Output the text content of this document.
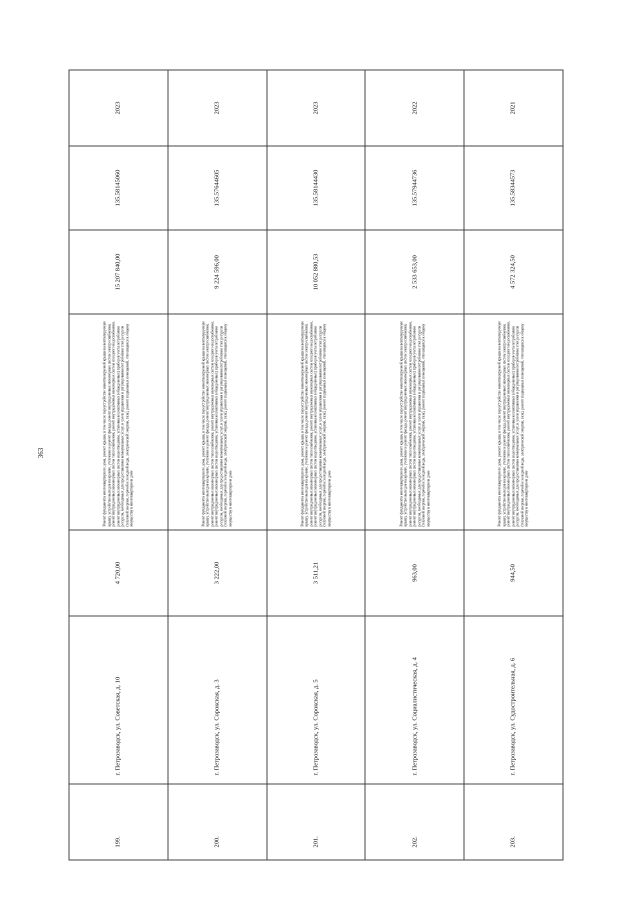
363
199.	г. Петрозаводск, ул. Советская, д. 10	4 720,00	Ремонт фундамента многоквартирного дома, ремонт крыши, в том числе переустройство невентилируемой крыши на вентилируемую крышу, устройство выходов на кровлю, утепление и ремонт фасада, ремонт внутридомовых инженерных систем электроснабжения, ремонт внутридомовых инженерных систем теплоснабжения, ремонт внутридомовых инженерных систем холодного водоснабжения, ремонт внутридомовых инженерных систем водоотведения, установка коллективных (общедомовых) приборов учета потребления ресурсов, необходимых для предоставления коммунальных услуг, и узлов управления и регулирования потребления этих ресурсов (тепловой энергии, горячей и холодной воды, электрической энергии, газа), ремонт подвальных помещений, относящихся к общему имуществу в многоквартирном доме	15 207 840,00	135.58145060	2023
200.	г. Петрозаводск, ул. Сорокская, д. 3	3 222,00	Ремонт фундамента многоквартирного дома, ремонт крыши, в том числе переустройство невентилируемой крыши на вентилируемую крышу, устройство выходов на кровлю, утепление и ремонт фасада, ремонт внутридомовых инженерных систем электроснабжения, ремонт внутридомовых инженерных систем теплоснабжения, ремонт внутридомовых инженерных систем холодного водоснабжения, ремонт внутридомовых инженерных систем водоотведения, установка коллективных (общедомовых) приборов учета потребления ресурсов, необходимых для предоставления коммунальных услуг, и узлов управления и регулирования потребления этих ресурсов (тепловой энергии, горячей и холодной воды, электрической энергии, газа), ремонт подвальных помещений, относящихся к общему имуществу в многоквартирном доме	9 224 596,00	135.57644605	2023
201.	г. Петрозаводск, ул. Сорокская, д. 5	3 511,21	Ремонт фундамента многоквартирного дома, ремонт крыши, в том числе переустройство невентилируемой крыши на вентилируемую крышу, устройство выходов на кровлю, утепление и ремонт фасада, ремонт внутридомовых инженерных систем электроснабжения, ремонт внутридомовых инженерных систем теплоснабжения, ремонт внутридомовых инженерных систем холодного водоснабжения, ремонт внутридомовых инженерных систем водоотведения, установка коллективных (общедомовых) приборов учета потребления ресурсов, необходимых для предоставления коммунальных услуг, и узлов управления и регулирования потребления этих ресурсов (тепловой энергии, горячей и холодной воды, электрической энергии, газа), ремонт подвальных помещений, относящихся к общему имуществу в многоквартирном доме	10 052 880,53	135.58144430	2023
202.	г. Петрозаводск, ул. Социалистическая, д. 4	963,00	Ремонт фундамента многоквартирного дома, ремонт крыши, в том числе переустройство невентилируемой крыши на вентилируемую крышу, устройство выходов на кровлю, утепление и ремонт фасада, ремонт внутридомовых инженерных систем электроснабжения, ремонт внутридомовых инженерных систем теплоснабжения, ремонт внутридомовых инженерных систем холодного водоснабжения, ремонт внутридомовых инженерных систем водоотведения, установка коллективных (общедомовых) приборов учета потребления ресурсов, необходимых для предоставления коммунальных услуг, и узлов управления и регулирования потребления этих ресурсов (тепловой энергии, горячей и холодной воды, электрической энергии, газа), ремонт подвальных помещений, относящихся к общему имуществу в многоквартирном доме	2 533 653,00	135.57944736	2022
203.	г. Петрозаводск, ул. Судостроительная, д. 6	944,50	Ремонт фундамента многоквартирного дома, ремонт крыши, в том числе переустройство невентилируемой крыши на вентилируемую крышу, устройство выходов на кровлю, утепление и ремонт фасада, ремонт внутридомовых инженерных систем электроснабжения, ремонт внутридомовых инженерных систем теплоснабжения, ремонт внутридомовых инженерных систем холодного водоснабжения, ремонт внутридомовых инженерных систем водоотведения, установка коллективных (общедомовых) приборов учета потребления ресурсов, необходимых для предоставления коммунальных услуг, и узлов управления и регулирования потребления этих ресурсов (тепловой энергии, горячей и холодной воды, электрической энергии, газа), ремонт подвальных помещений, относящихся к общему имуществу в многоквартирном доме	4 572 324,50	135.58344573	2021
